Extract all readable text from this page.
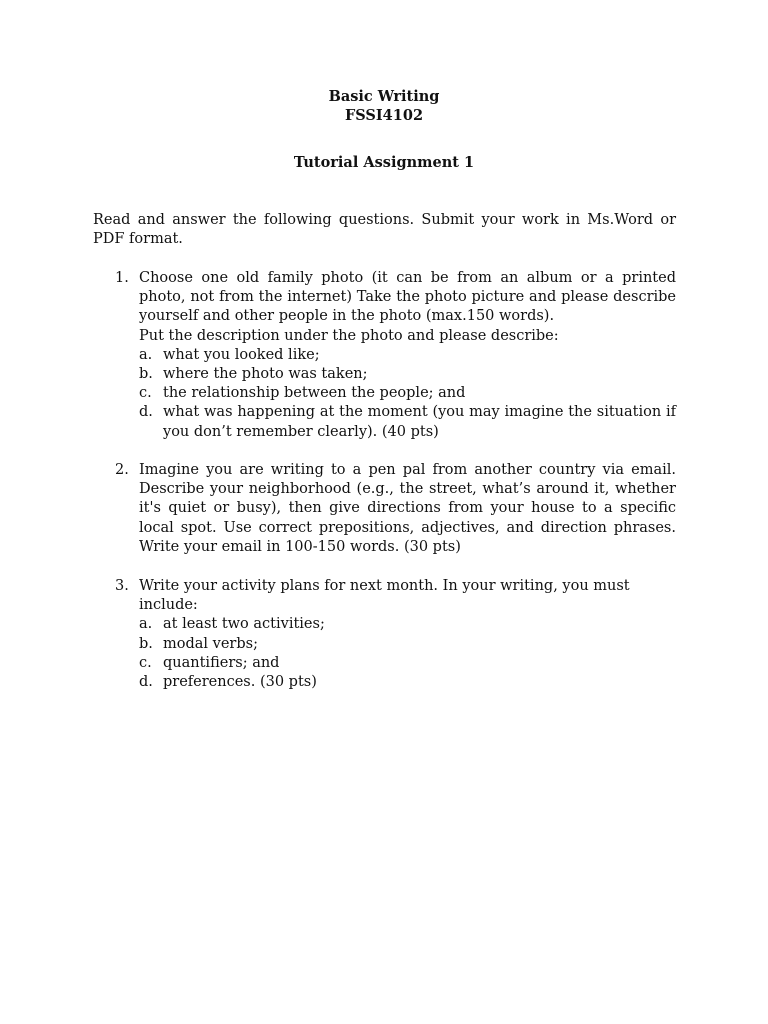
Basic Writing
FSSI4102
Tutorial Assignment 1
Read and answer the following questions. Submit your work in Ms.Word or PDF format.
1. Choose one old family photo (it can be from an album or a printed photo, not from the internet) Take the photo picture and please describe yourself and other people in the photo (max.150 words).
Put the description under the photo and please describe:
a. what you looked like;
b. where the photo was taken;
c. the relationship between the people; and
d. what was happening at the moment (you may imagine the situation if you don’t remember clearly). (40 pts)
2. Imagine you are writing to a pen pal from another country via email. Describe your neighborhood (e.g., the street, what’s around it, whether it's quiet or busy), then give directions from your house to a specific local spot. Use correct prepositions, adjectives, and direction phrases. Write your email in 100-150 words. (30 pts)
3. Write your activity plans for next month. In your writing, you must include:
a. at least two activities;
b. modal verbs;
c. quantifiers; and
d. preferences. (30 pts)
